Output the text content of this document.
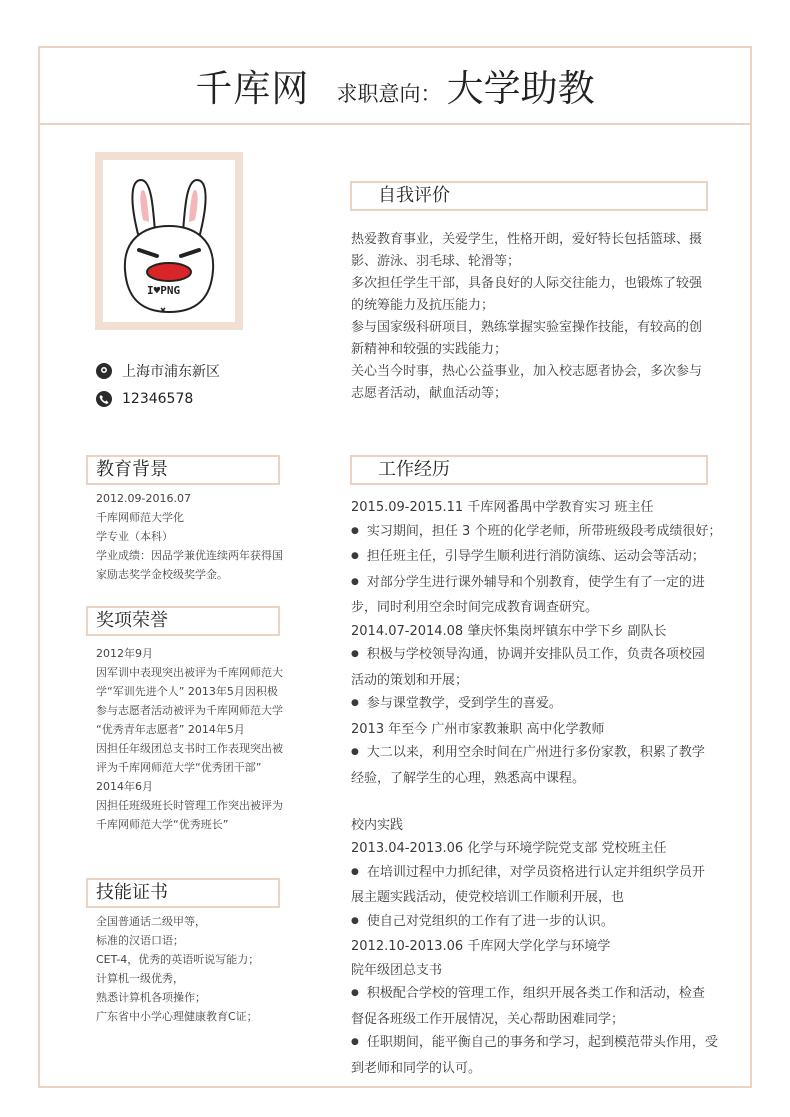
千库网 求职意向： 大学助教
I♥PNG
上海市浦东新区
12346578
教育背景
2012.09-2016.07
千库网师范大学化
学专业（本科）
学业成绩：因品学兼优连续两年获得国
家励志奖学金校级奖学金。
奖项荣誉
2012年9月
因军训中表现突出被评为千库网师范大
学“军训先进个人” 2013年5月因积极
参与志愿者活动被评为千库网师范大学
“优秀青年志愿者” 2014年5月
因担任年级团总支书时工作表现突出被
评为千库网师范大学“优秀团干部”
2014年6月
因担任班级班长时管理工作突出被评为
千库网师范大学“优秀班长”
技能证书
全国普通话二级甲等，
标准的汉语口语；
CET-4，优秀的英语听说写能力；
计算机一级优秀，
熟悉计算机各项操作；
广东省中小学心理健康教育C证；
自我评价
热爱教育事业，关爱学生，性格开朗，爱好特长包括篮球、摄
影、游泳、羽毛球、轮滑等；
多次担任学生干部，具备良好的人际交往能力，也锻炼了较强
的统筹能力及抗压能力；
参与国家级科研项目，熟练掌握实验室操作技能，有较高的创
新精神和较强的实践能力；
关心当今时事，热心公益事业，加入校志愿者协会，多次参与
志愿者活动，献血活动等；
工作经历
2015.09-2015.11 千库网番禺中学教育实习 班主任
● 实习期间，担任 3 个班的化学老师，所带班级段考成绩很好；
● 担任班主任，引导学生顺利进行消防演练、运动会等活动；
● 对部分学生进行课外辅导和个别教育，使学生有了一定的进
步，同时利用空余时间完成教育调查研究。
2014.07-2014.08 肇庆怀集岗坪镇东中学下乡 副队长
● 积极与学校领导沟通，协调并安排队员工作，负责各项校园
活动的策划和开展；
● 参与课堂教学，受到学生的喜爱。
2013 年至今 广州市家教兼职 高中化学教师
● 大二以来，利用空余时间在广州进行多份家教，积累了教学
经验，了解学生的心理，熟悉高中课程。
校内实践
2013.04-2013.06 化学与环境学院党支部 党校班主任
● 在培训过程中力抓纪律，对学员资格进行认定并组织学员开
展主题实践活动，使党校培训工作顺利开展，也
● 使自己对党组织的工作有了进一步的认识。
2012.10-2013.06 千库网大学化学与环境学
院年级团总支书
● 积极配合学校的管理工作，组织开展各类工作和活动，检查
督促各班级工作开展情况，关心帮助困难同学；
● 任职期间，能平衡自己的事务和学习，起到模范带头作用，受
到老师和同学的认可。
